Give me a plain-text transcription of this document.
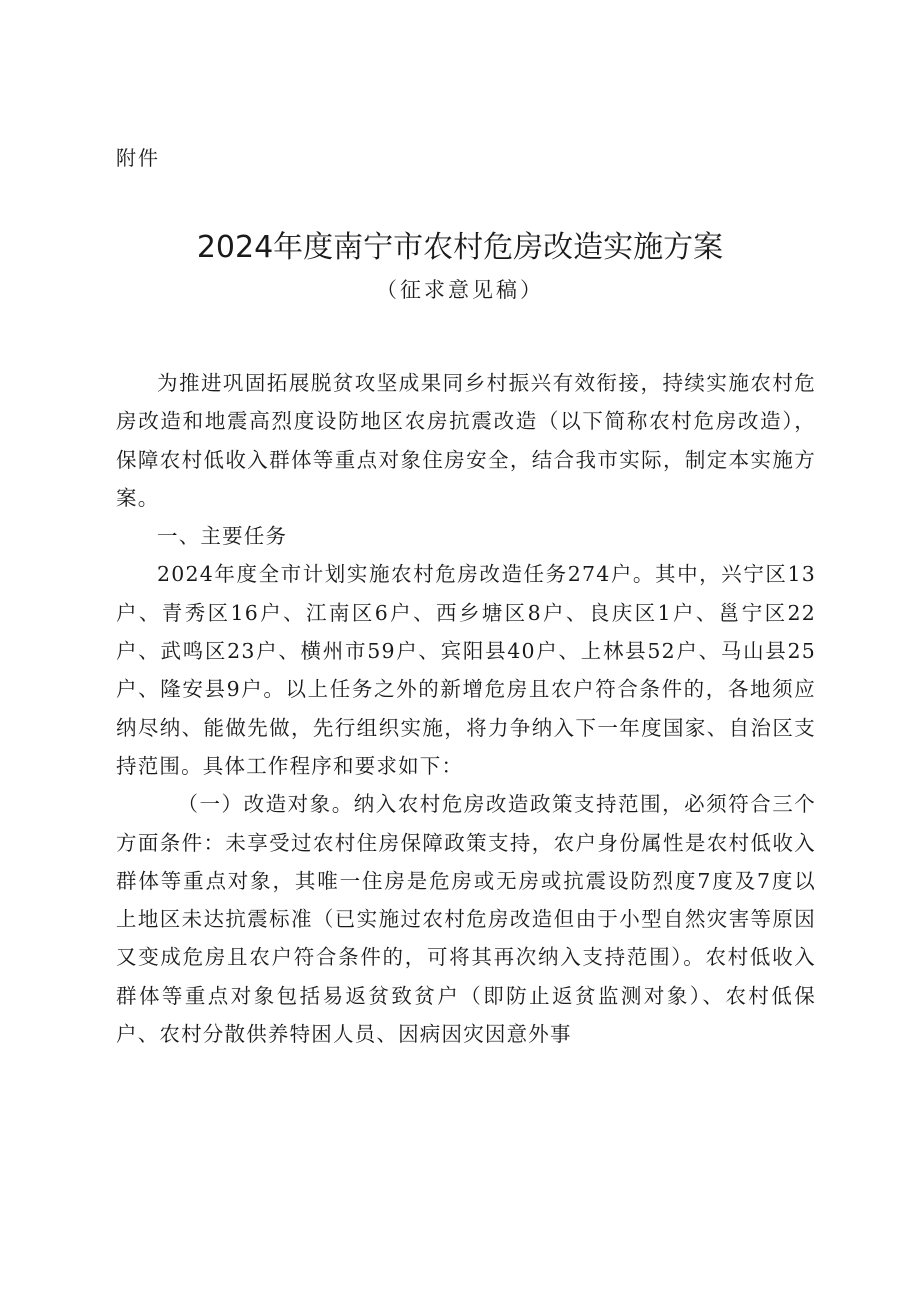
附件
2024年度南宁市农村危房改造实施方案
（征求意见稿）

为推进巩固拓展脱贫攻坚成果同乡村振兴有效衔接，持续实施农村危房改造和地震高烈度设防地区农房抗震改造（以下简称农村危房改造），保障农村低收入群体等重点对象住房安全，结合我市实际，制定本实施方案。

一、主要任务

2024年度全市计划实施农村危房改造任务274户。其中，兴宁区13户、青秀区16户、江南区6户、西乡塘区8户、良庆区1户、邕宁区22户、武鸣区23户、横州市59户、宾阳县40户、上林县52户、马山县25户、隆安县9户。以上任务之外的新增危房且农户符合条件的，各地须应纳尽纳、能做先做，先行组织实施，将力争纳入下一年度国家、自治区支持范围。具体工作程序和要求如下：

（一）改造对象。纳入农村危房改造政策支持范围，必须符合三个方面条件：未享受过农村住房保障政策支持，农户身份属性是农村低收入群体等重点对象，其唯一住房是危房或无房或抗震设防烈度7度及7度以上地区未达抗震标准（已实施过农村危房改造但由于小型自然灾害等原因又变成危房且农户符合条件的，可将其再次纳入支持范围）。农村低收入群体等重点对象包括易返贫致贫户（即防止返贫监测对象）、农村低保户、农村分散供养特困人员、因病因灾因意外事
